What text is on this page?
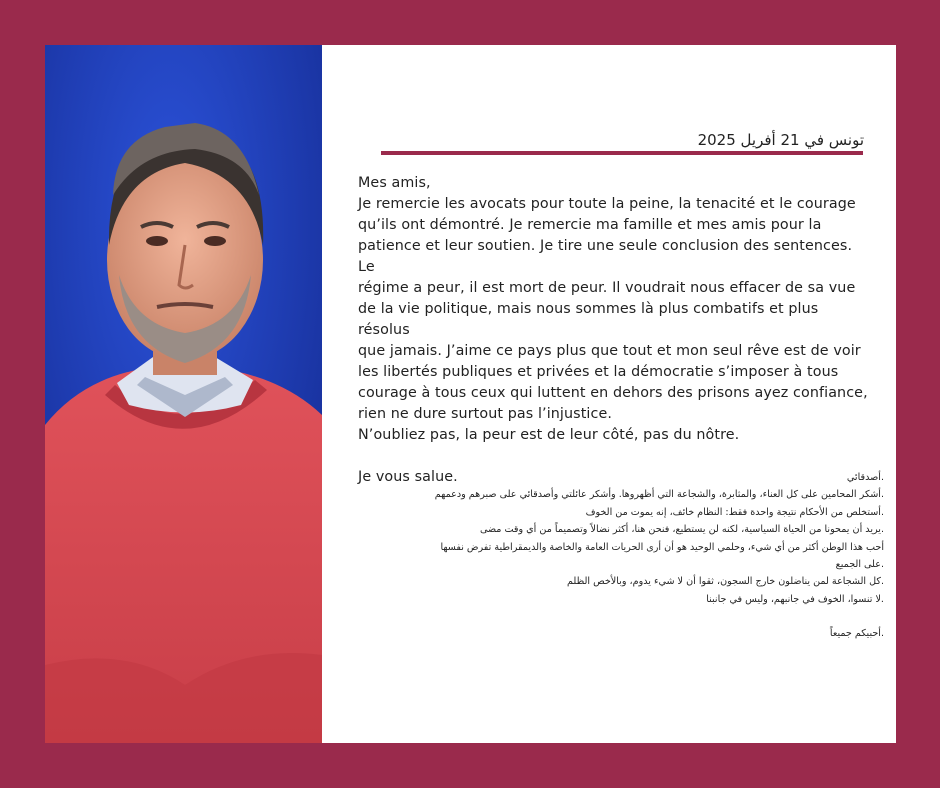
تونس في 21 أفريل 2025

Mes amis,

Je remercie les avocats pour toute la peine, la tenacité et le courage

qu’ils ont démontré. Je remercie ma famille et mes amis pour la

patience et leur soutien. Je tire une seule conclusion des sentences. Le

régime a peur, il est mort de peur. Il voudrait nous effacer de sa vue

de la vie politique, mais nous sommes là plus combatifs et plus résolus

que jamais. J’aime ce pays plus que tout et mon seul rêve est de voir

les libertés publiques et privées et la démocratie s’imposer à tous

courage à tous ceux qui luttent en dehors des prisons ayez confiance,

rien ne dure surtout pas l’injustice.

N’oubliez pas, la peur est de leur côté, pas du nôtre.

Je vous salue.	.أصدقائي

.أشكر المحامين على كل العناء، والمثابرة، والشجاعة التي أظهروها. وأشكر عائلتي وأصدقائي على صبرهم ودعمهم

.أستخلص من الأحكام نتيجة واحدة فقط: النظام خائف، إنه يموت من الخوف

.يريد أن يمحونا من الحياة السياسية، لكنه لن يستطيع، فنحن هنا، أكثر نضالاً وتصميماً من أي وقت مضى

أحب هذا الوطن أكثر من أي شيء، وحلمي الوحيد هو أن أرى الحريات العامة والخاصة والديمقراطية تفرض نفسها

.على الجميع

.كل الشجاعة لمن يناضلون خارج السجون، ثقوا أن لا شيء يدوم، وبالأخص الظلم

.لا تنسوا، الخوف في جانبهم، وليس في جانبنا

.أحبيكم جميعاً
